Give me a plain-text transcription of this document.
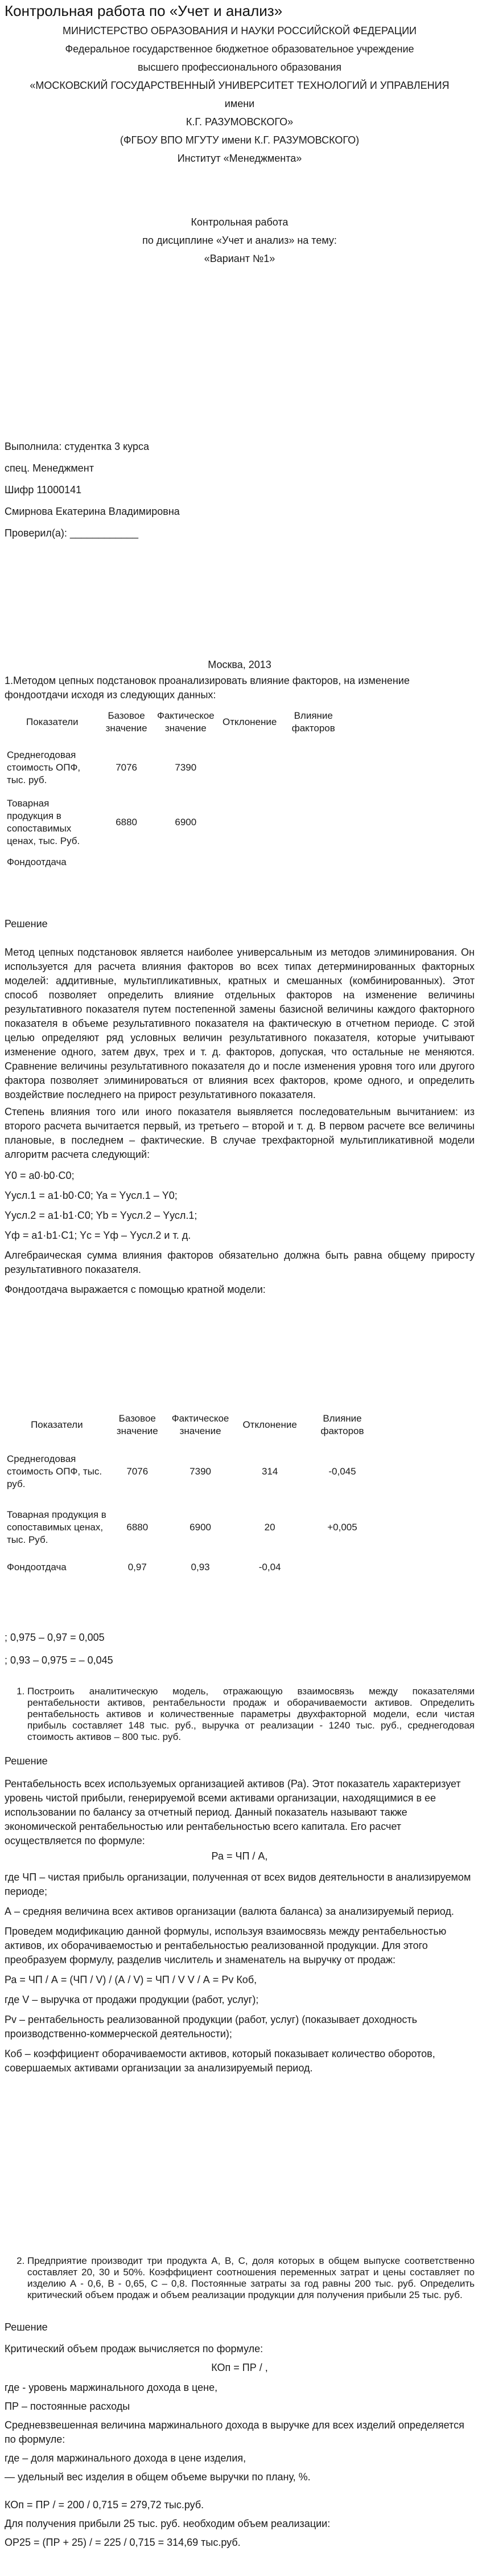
Контрольная работа по «Учет и анализ»
МИНИСТЕРСТВО ОБРАЗОВАНИЯ И НАУКИ РОССИЙСКОЙ ФЕДЕРАЦИИ
Федеральное государственное бюджетное образовательное учреждение
высшего профессионального образования
«МОСКОВСКИЙ ГОСУДАРСТВЕННЫЙ УНИВЕРСИТЕТ ТЕХНОЛОГИЙ И УПРАВЛЕНИЯ
имени
К.Г. РАЗУМОВСКОГО»
(ФГБОУ ВПО МГУТУ имени К.Г. РАЗУМОВСКОГО)
Институт «Менеджмента»
Контрольная работа
по дисциплине «Учет и анализ» на тему:
«Вариант №1»
Выполнила: студентка 3 курса
спец. Менеджмент
Шифр 11000141
Смирнова Екатерина Владимировна
Проверил(а): ____________
Москва, 2013
1.Методом цепных подстановок проанализировать влияние факторов, на изменение фондоотдачи исходя из следующих данных:
Показатели	Базовое значение	Фактическое значение	Отклонение	Влияние факторов
Среднегодовая стоимость ОПФ, тыс. руб.	7076	7390		
Товарная продукция в сопоставимых ценах, тыс. Руб.	6880	6900		
Фондоотдача				
Решение

Метод цепных подстановок является наиболее универсальным из методов элиминирования. Он используется для расчета влияния факторов во всех типах детерминированных факторных моделей: аддитивные, мультипликативных, кратных и смешанных (комбинированных). Этот способ позволяет определить влияние отдельных факторов на изменение величины результативного показателя путем постепенной замены базисной величины каждого факторного показателя в объеме результативного показателя на фактическую в отчетном периоде. С этой целью определяют ряд условных величин результативного показателя, которые учитывают изменение одного, затем двух, трех и т. д. факторов, допуская, что остальные не меняются. Сравнение величины результативного показателя до и после изменения уровня того или другого фактора позволяет элиминироваться от влияния всех факторов, кроме одного, и определить воздействие последнего на прирост результативного показателя.

Степень влияния того или иного показателя выявляется последовательным вычитанием: из второго расчета вычитается первый, из третьего – второй и т. д. В первом расчете все величины плановые, в последнем – фактические. В случае трехфакторной мультипликативной модели алгоритм расчета следующий:

Y0 = a0·b0·C0;

Yусл.1 = a1·b0·C0; Ya = Yусл.1 – Y0;

Yусл.2 = a1·b1·C0; Yb = Yусл.2 – Yусл.1;

Yф = a1·b1·C1; Yc = Yф – Yусл.2 и т. д.

Алгебраическая сумма влияния факторов обязательно должна быть равна общему приросту результативного показателя.

Фондоотдача выражается с помощью кратной модели:

Показатели	Базовое значение	Фактическое значение	Отклонение	Влияние факторов
Среднегодовая стоимость ОПФ, тыс. руб.	7076	7390	314	-0,045
Товарная продукция в сопоставимых ценах, тыс. Руб.	6880	6900	20	+0,005
Фондоотдача	0,97	0,93	-0,04	
; 0,975 – 0,97 = 0,005
; 0,93 – 0,975 = – 0,045
1. Построить аналитическую модель, отражающую взаимосвязь между показателями рентабельности активов, рентабельности продаж и оборачиваемости активов. Определить рентабельность активов и количественные параметры двухфакторной модели, если чистая прибыль составляет 148 тыс. руб., выручка от реализации - 1240 тыс. руб., среднегодовая стоимость активов – 800 тыс. руб.
Решение

Рентабельность всех используемых организацией активов (Ра). Этот показатель характеризует уровень чистой прибыли, генерируемой всеми активами организации, находящимися в ее использовании по балансу за отчетный период. Данный показатель называют также экономической рентабельностью или рентабельностью всего капитала. Его расчет осуществляется по формуле:

Ра = ЧП / А,

где ЧП – чистая прибыль организации, полученная от всех видов деятельности в анализируемом периоде;

А – средняя величина всех активов организации (валюта баланса) за анализируемый период.

Проведем модификацию данной формулы, используя взаимосвязь между рентабельностью активов, их оборачиваемостью и рентабельностью реализованной продукции. Для этого преобразуем формулу, разделив числитель и знаменатель на выручку от продаж:

Ра = ЧП / А = (ЧП / V) / (А / V) = ЧП / V V / А = Рv Коб,

где V – выручка от продажи продукции (работ, услуг);

Рv – рентабельность реализованной продукции (работ, услуг) (показывает доходность производственно-коммерческой деятельности);

Коб – коэффициент оборачиваемости активов, который показывает количество оборотов, совершаемых активами организации за анализируемый период.

2. Предприятие производит три продукта А, В, С, доля которых в общем выпуске соответственно составляет 20, 30 и 50%. Коэффициент соотношения переменных затрат и цены составляет по изделию А - 0,6, В - 0,65, С – 0,8. Постоянные затраты за год равны 200 тыс. руб. Определить критический объем продаж и объем реализации продукции для получения прибыли 25 тыс. руб.
Решение

Критический объем продаж вычисляется по формуле:

КОп = ПР / ,

где - уровень маржинального дохода в цене,

ПР – постоянные расходы

Средневзвешенная величина маржинального дохода в выручке для всех изделий определяется по формуле:

где – доля маржинального дохода в цене изделия,

— удельный вес изделия в общем объеме выручки по плану, %.

КОп = ПР / = 200 / 0,715 = 279,72 тыс.руб.

Для получения прибыли 25 тыс. руб. необходим объем реализации:

ОР25 = (ПР + 25) / = 225 / 0,715 = 314,69 тыс.руб.
